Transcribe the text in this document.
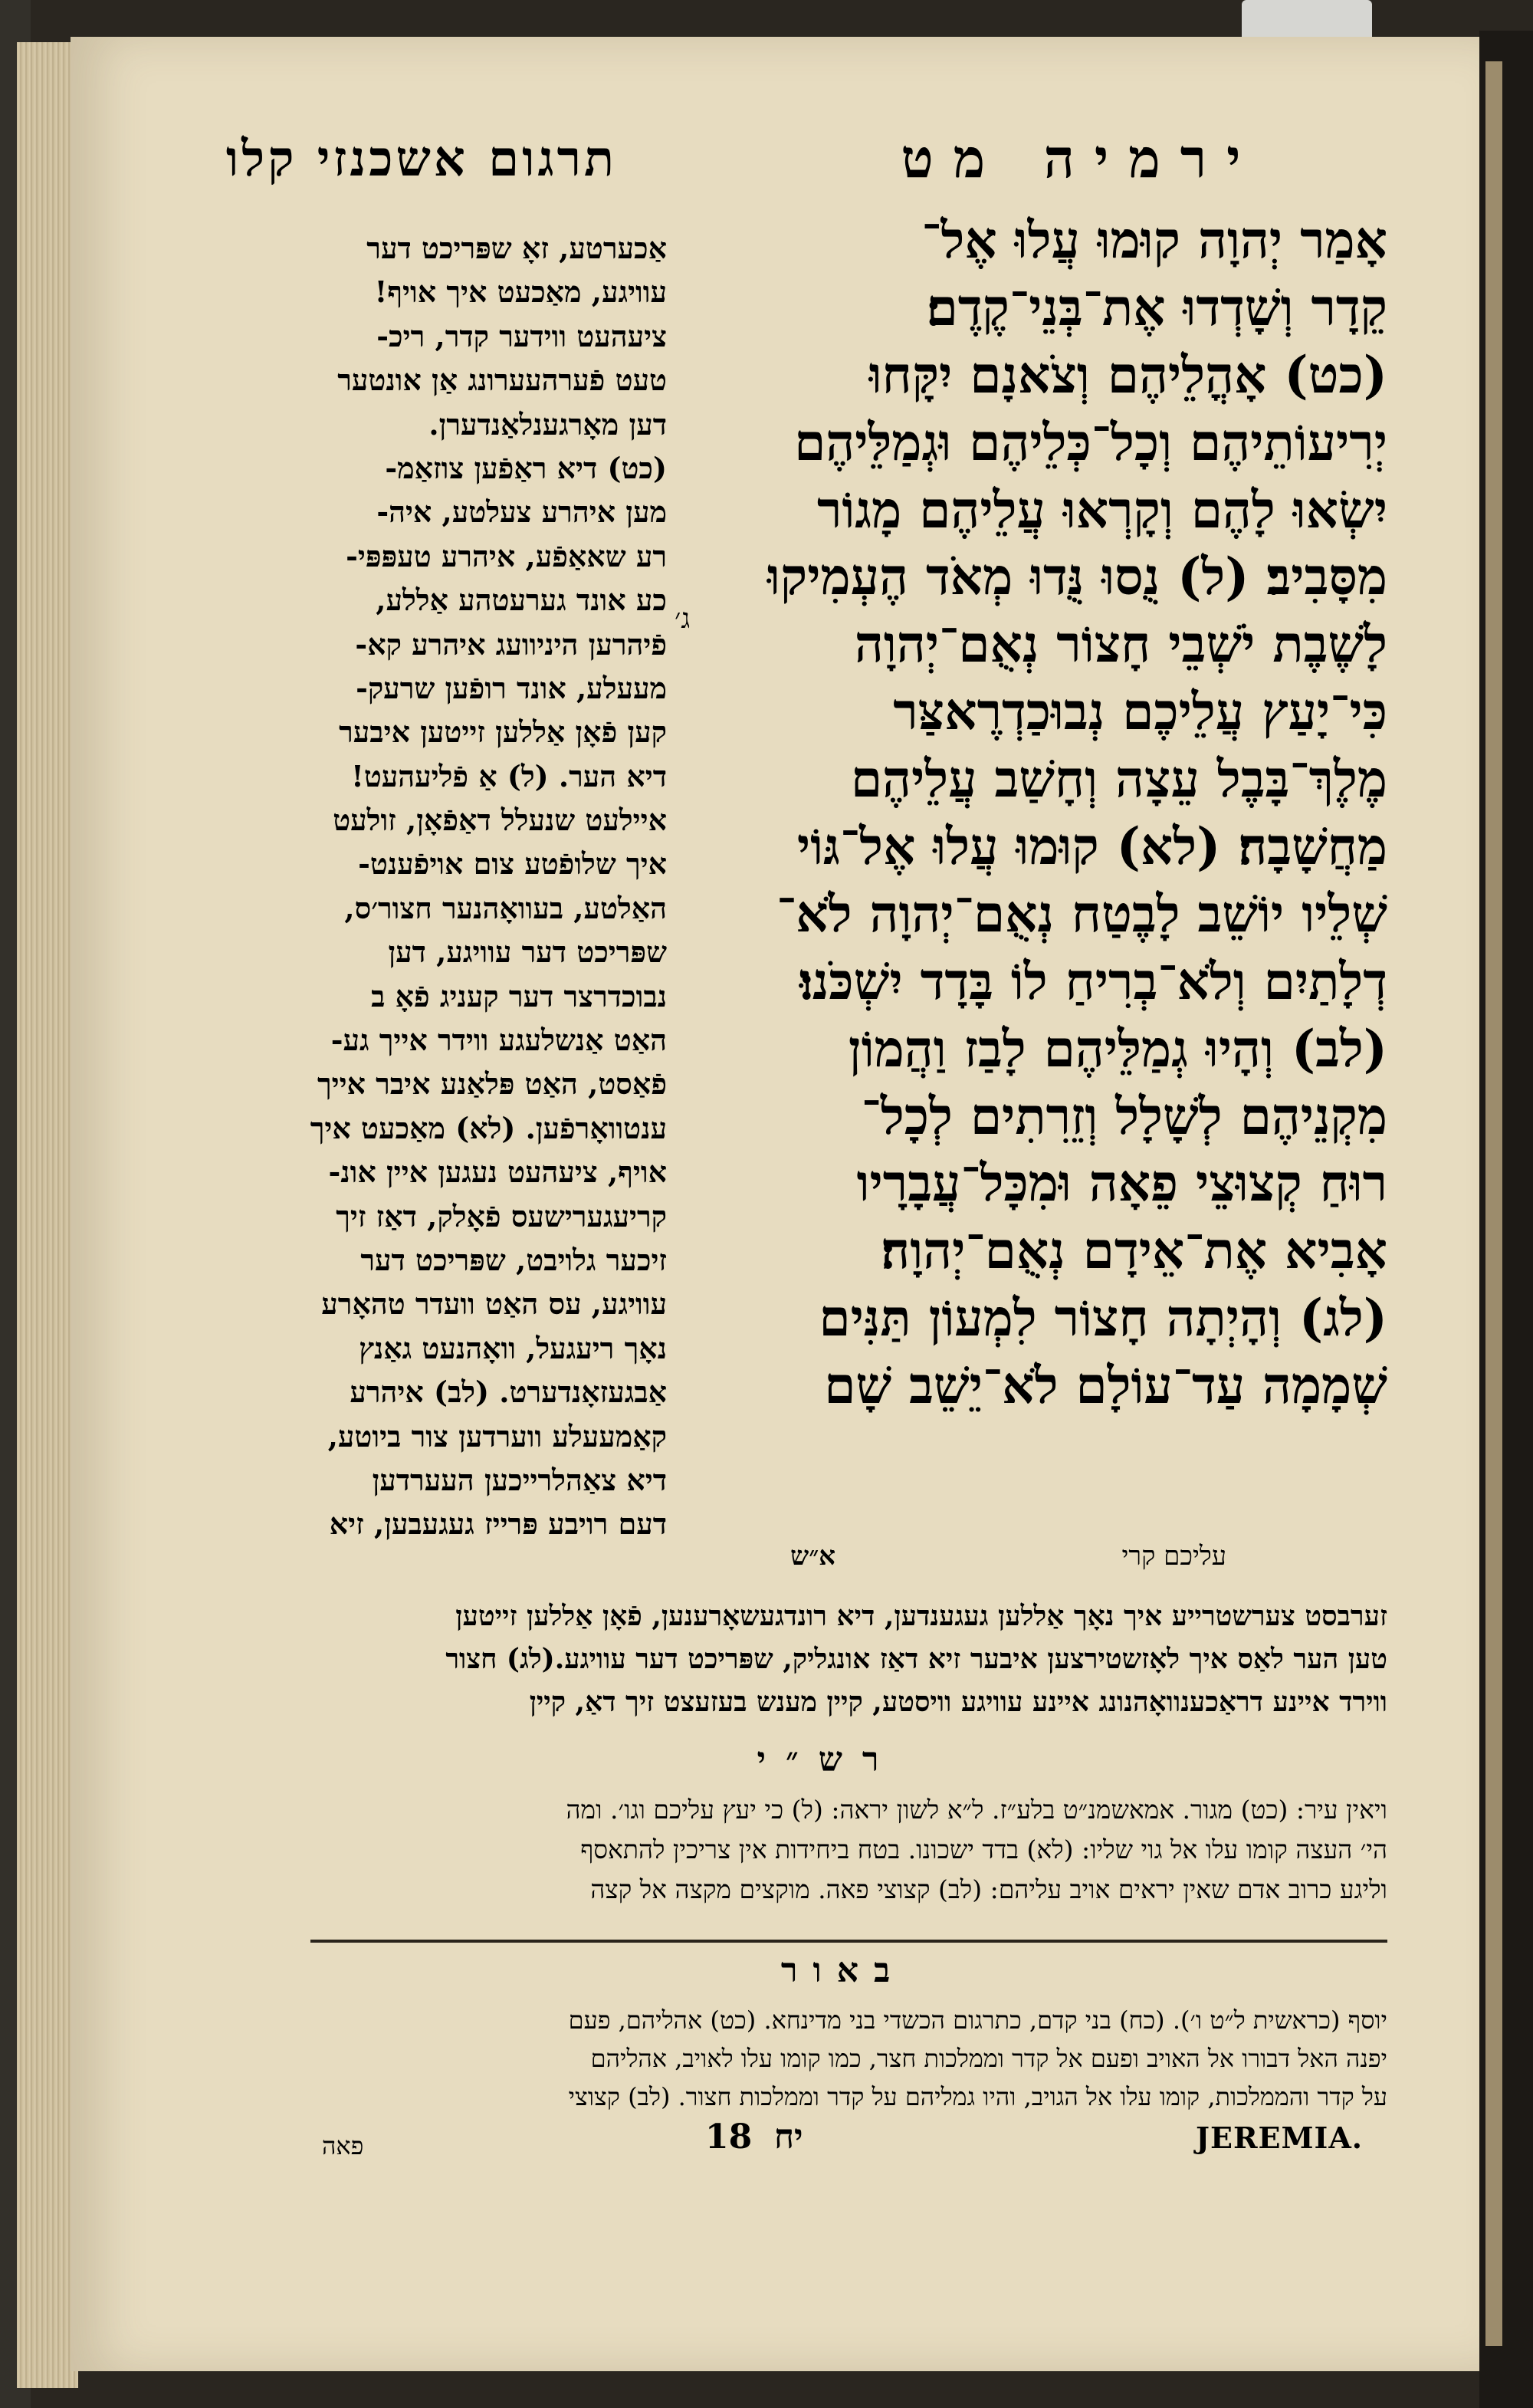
תרגום אשכנזי קלו	ירמיה מט
אַכערטע, זאָ שפּריכט דער
עוויגע, מאַכעט איך אויף!
ציעהעט ווידער קדר, ריכ-
טעט פֿערהעערונג אַן אונטער
דען מאָרגענלאַנדערן.
(כט) דיא ראַפֿען צוזאַמ-
מען איהרע צעלטע, איה-
רע שאאַפֿע, איהרע טעפּפּי-
כע אונד גערעטהע אַללע,
פֿיהרען היניוועג איהרע קא-
מעעלע, אונד רופֿען שרעק-
קען פֿאָן אַללען זייטען איבער
דיא הער. (ל) אַ פֿליעהעט!
איילעט שנעלל דאַפֿאָן, זולעט
איך שלופֿטע צום אויפֿענט-
האַלטע, בעוואָהנער חצור׳ס,
שפּריכט דער עוויגע, דען
נבוכדרצר דער קעניג פֿאָ ב
האַט אַנשלעגע ווידר אייך גע-
פֿאַסט, האַט פּלאַנע איבר אייך
ענטוואָרפֿען. (לא) מאַכעט איך
אויף, ציעהעט נעגען איין אונ-
קריעגערישעס פֿאָלק, דאַז זיך
זיכער גלויבט, שפּריכט דער
עוויגע, עס האַט וועדר טהאָרע
נאָך ריעגעל, וואָהנעט גאַנץ
אַבגעזאָנדערט. (לב) איהרע
קאַמעעלע ווערדען צור ביוטע,
דיא צאַהלרייכען העערדען
דעם רויבע פּרייז געגעבען, זיא
אָמַר יְהוָה קוּמוּ עֲלוּ אֶל־
קֵדָר וְשָׁדְדוּ אֶת־בְּנֵי־קֶדֶם׃
(כט) אָהֳלֵיהֶם וְצֹאנָם יִקָּחוּ
יְרִיעוֹתֵיהֶם וְכָל־כְּלֵיהֶם וּגְמַלֵּיהֶם
יִשְׂאוּ לָהֶם וְקָרְאוּ עֲלֵיהֶם מָגוֹר
מִסָּבִיב׃ (ל) נֻסוּ נֻּדוּ מְאֹד הֶעְמִיקוּ
לָשֶׁבֶת יֹשְׁבֵי חָצוֹר נְאֻם־יְהוָה
כִּי־יָעַץ עֲלֵיכֶם נְבוּכַדְרֶאצַּר
מֶלֶךְ־בָּבֶל עֵצָה וְחָשַׁב עֲלֵיהֶם
מַחֲשָׁבָה׃ (לא) קוּמוּ עֲלוּ אֶל־גּוֹי
שְׁלֵיו יוֹשֵׁב לָבֶטַח נְאֻם־יְהוָה לֹא־
דְלָתַיִם וְלֹא־בְרִיחַ לוֹ בָּדָד יִשְׁכֹּנוּ׃
(לב) וְהָיוּ גְמַלֵּיהֶם לָבַז וַהֲמוֹן
מִקְנֵיהֶם לְשָׁלָל וְזֵרִתִים לְכָל־
רוּחַ קְצוּצֵי פֵאָה וּמִכָּל־עֲבָרָיו
אָבִיא אֶת־אֵידָם נְאֻם־יְהוָה׃
(לג) וְהָיְתָה חָצוֹר לִמְעוֹן תַּנִּים
שְׁמָמָה עַד־עוֹלָם לֹא־יֵשֵׁב שָׁם
ג׳
עליכם קרי
א״ש
זערבסט צערשטרייע איך נאָך אַללען געגענדען, דיא רונדגעשאָרענען, פֿאָן אַללען זייטען
טען הער לאַס איך לאָזשטירצען איבער זיא דאַז אונגליק, שפּריכט דער עוויגע.(לג) חצור
ווירד איינע דראַכענוואָהנונג איינע עוויגע וויסטע, קיין מענש בעזעצט זיך דאַ, קיין
רש״י
ויאין עיר: (כט) מגור. אמאשמנ״ט בלע״ז. ל״א לשון יראה: (ל) כי יעץ עליכם וגו׳. ומה
הי׳ העצה קומו עלו אל גוי שליו: (לא) בדד ישכונו. בטח ביחידות אין צריכין להתאסף
וליגע כרוב אדם שאין יראים אויב עליהם: (לב) קצוצי פאה. מוקצים מקצה אל קצה
באור
יוסף (כראשית ל״ט ו׳). (כח) בני קדם, כתרגום הכשדי בני מדינחא. (כט) אהליהם, פעם
יפנה האל דבורו אל האויב ופעם אל קדר וממלכות חצר, כמו קומו עלו לאויב, אהליהם
על קדר והממלכות, קומו עלו אל הגויב, והיו גמליהם על קדר וממלכות חצור. (לב) קצוצי
פאה	18 יח	JEREMIA.
